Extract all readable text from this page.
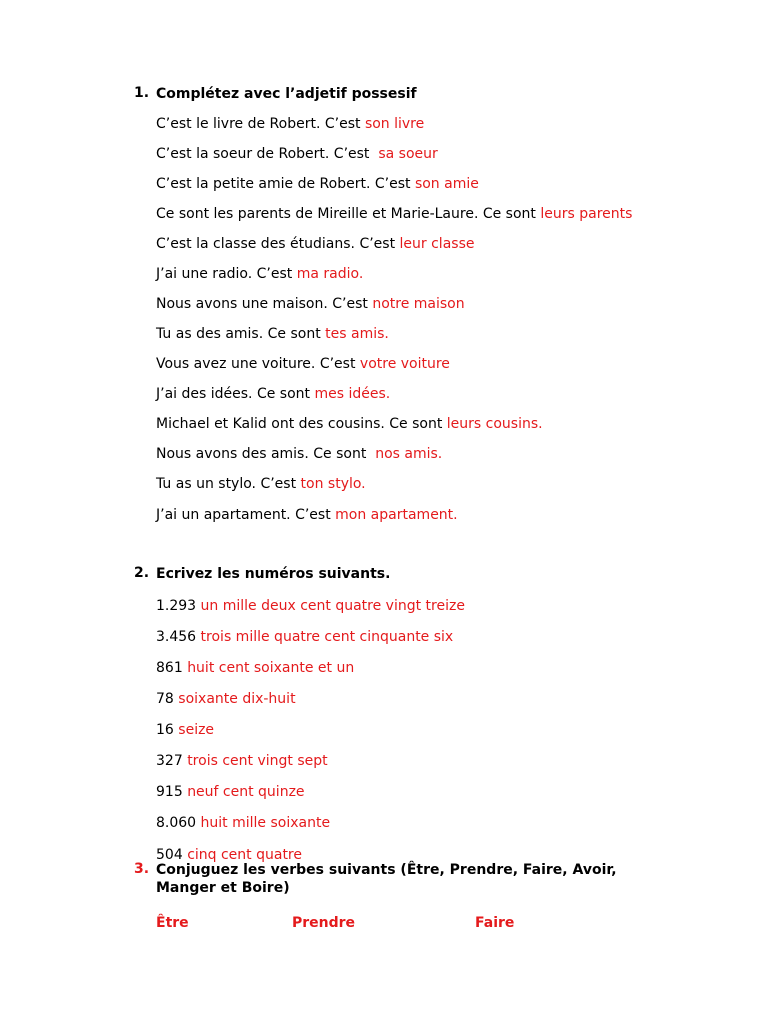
1. Complétez avec l’adjetif possesif
C’est le livre de Robert. C’est son livre
C’est la soeur de Robert. C’est sa soeur
C’est la petite amie de Robert. C’est son amie
Ce sont les parents de Mireille et Marie-Laure. Ce sont leurs parents
C’est la classe des étudians. C’est leur classe
J’ai une radio. C’est ma radio.
Nous avons une maison. C’est notre maison
Tu as des amis. Ce sont tes amis.
Vous avez une voiture. C’est votre voiture
J’ai des idées. Ce sont mes idées.
Michael et Kalid ont des cousins. Ce sont leurs cousins.
Nous avons des amis. Ce sont nos amis.
Tu as un stylo. C’est ton stylo.
J’ai un apartament. C’est mon apartament.
2. Ecrivez les numéros suivants.
1.293 un mille deux cent quatre vingt treize
3.456 trois mille quatre cent cinquante six
861 huit cent soixante et un
78 soixante dix-huit
16 seize
327 trois cent vingt sept
915 neuf cent quinze
8.060 huit mille soixante
504 cinq cent quatre
3. Conjuguez les verbes suivants (Être, Prendre, Faire, Avoir,
Manger et Boire)
Être	Prendre	Faire
